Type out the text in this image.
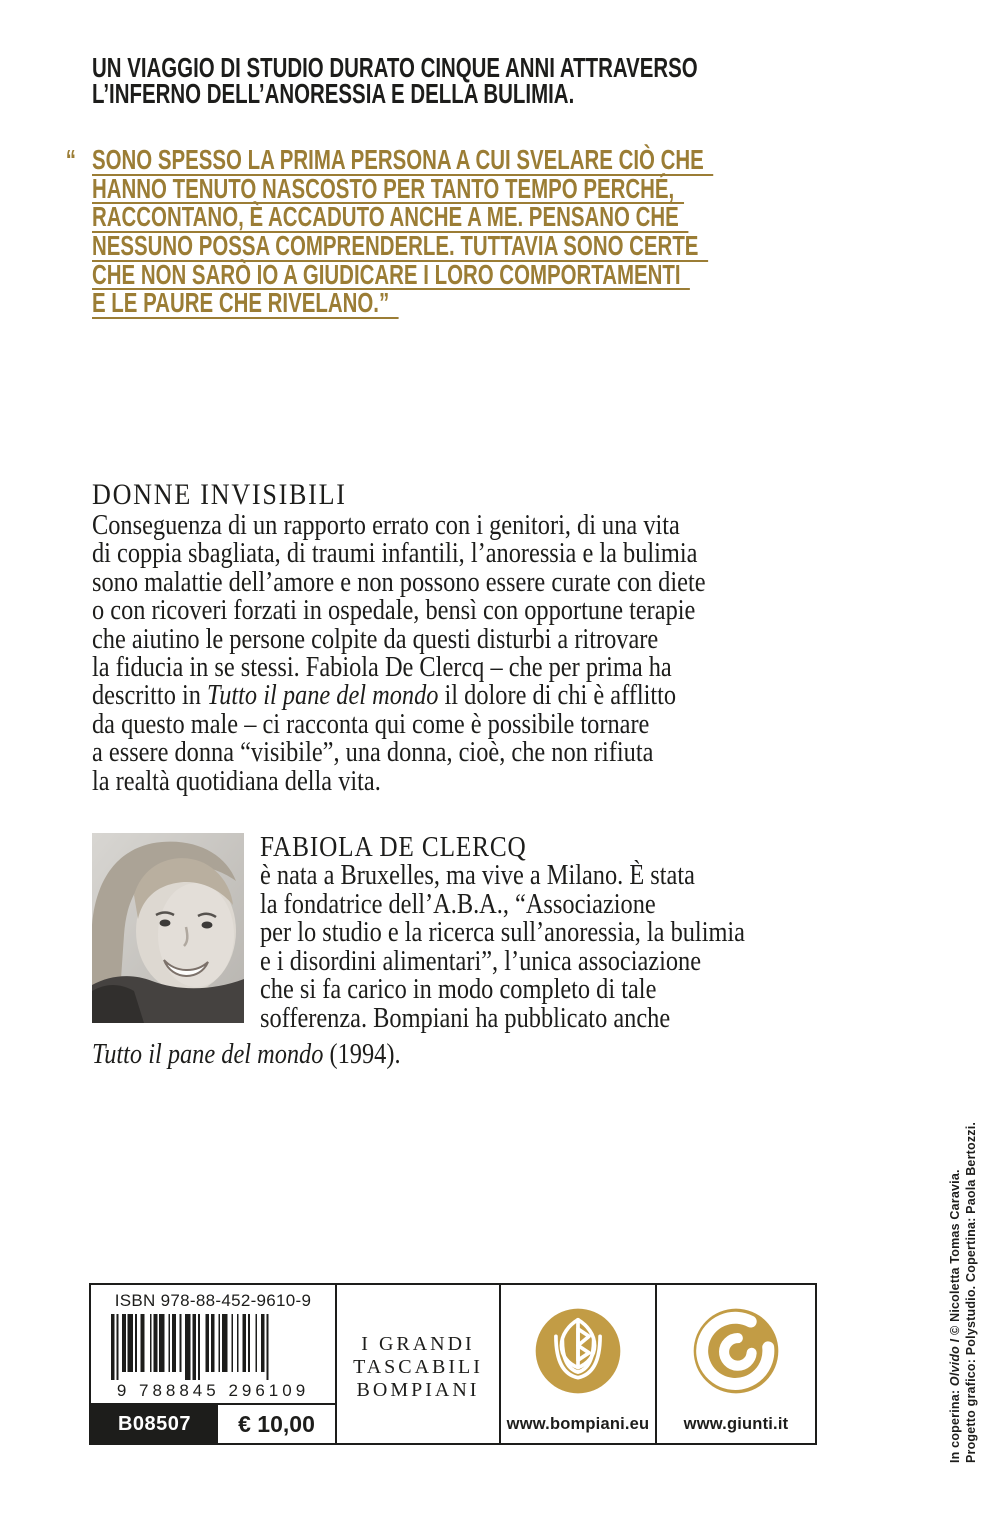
UN VIAGGIO DI STUDIO DURATO CINQUE ANNI ATTRAVERSO
L’INFERNO DELL’ANORESSIA E DELLA BULIMIA.
“ SONO SPESSO LA PRIMA PERSONA A CUI SVELARE CIÒ CHE
HANNO TENUTO NASCOSTO PER TANTO TEMPO PERCHÉ,
RACCONTANO, È ACCADUTO ANCHE A ME. PENSANO CHE
NESSUNO POSSA COMPRENDERLE. TUTTAVIA SONO CERTE
CHE NON SARÒ IO A GIUDICARE I LORO COMPORTAMENTI
E LE PAURE CHE RIVELANO.”
DONNE INVISIBILI
Conseguenza di un rapporto errato con i genitori, di una vita
di coppia sbagliata, di traumi infantili, l’anoressia e la bulimia
sono malattie dell’amore e non possono essere curate con diete
o con ricoveri forzati in ospedale, bensì con opportune terapie
che aiutino le persone colpite da questi disturbi a ritrovare
la fiducia in se stessi. Fabiola De Clercq – che per prima ha
descritto in Tutto il pane del mondo il dolore di chi è afflitto
da questo male – ci racconta qui come è possibile tornare
a essere donna “visibile”, una donna, cioè, che non rifiuta
la realtà quotidiana della vita.
FABIOLA DE CLERCQ
è nata a Bruxelles, ma vive a Milano. È stata
la fondatrice dell’A.B.A., “Associazione
per lo studio e la ricerca sull’anoressia, la bulimia
e i disordini alimentari”, l’unica associazione
che si fa carico in modo completo di tale
sofferenza. Bompiani ha pubblicato anche
Tutto il pane del mondo (1994).
ISBN 978-88-452-9610-9
9 788845 296109
B08507	€ 10,00
I GRANDI
TASCABILI
BOMPIANI
www.bompiani.eu	www.giunti.it	In coperina: Olvido I © Nicoletta Tomas Caravia. Progetto grafico: Polystudio. Copertina: Paola Bertozzi.
